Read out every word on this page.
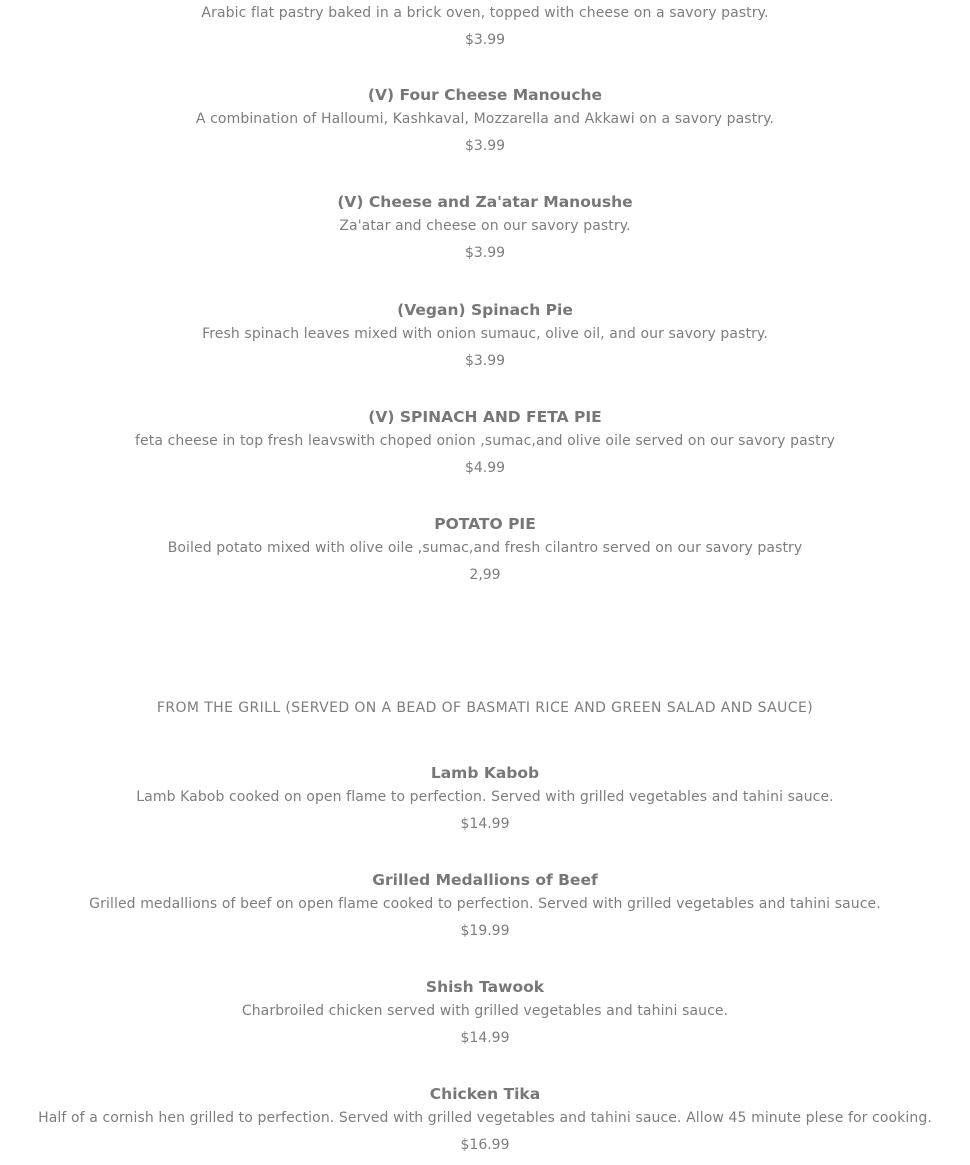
Arabic flat pastry baked in a brick oven, topped with cheese on a savory pastry.
$3.99
(V) Four Cheese Manouche
A combination of Halloumi, Kashkaval, Mozzarella and Akkawi on a savory pastry.
$3.99
(V) Cheese and Za'atar Manoushe
Za'atar and cheese on our savory pastry.
$3.99
(Vegan) Spinach Pie
Fresh spinach leaves mixed with onion sumauc, olive oil, and our savory pastry.
$3.99
(V) SPINACH AND FETA PIE
feta cheese in top fresh leavswith choped onion ,sumac,and olive oile served on our savory pastry
$4.99
POTATO PIE
Boiled potato mixed with olive oile ,sumac,and fresh cilantro served on our savory pastry
2,99
FROM THE GRILL (SERVED ON A BEAD OF BASMATI RICE AND GREEN SALAD AND SAUCE)
Lamb Kabob
Lamb Kabob cooked on open flame to perfection. Served with grilled vegetables and tahini sauce.
$14.99
Grilled Medallions of Beef
Grilled medallions of beef on open flame cooked to perfection. Served with grilled vegetables and tahini sauce.
$19.99
Shish Tawook
Charbroiled chicken served with grilled vegetables and tahini sauce.
$14.99
Chicken Tika
Half of a cornish hen grilled to perfection. Served with grilled vegetables and tahini sauce. Allow 45 minute plese for cooking.
$16.99
